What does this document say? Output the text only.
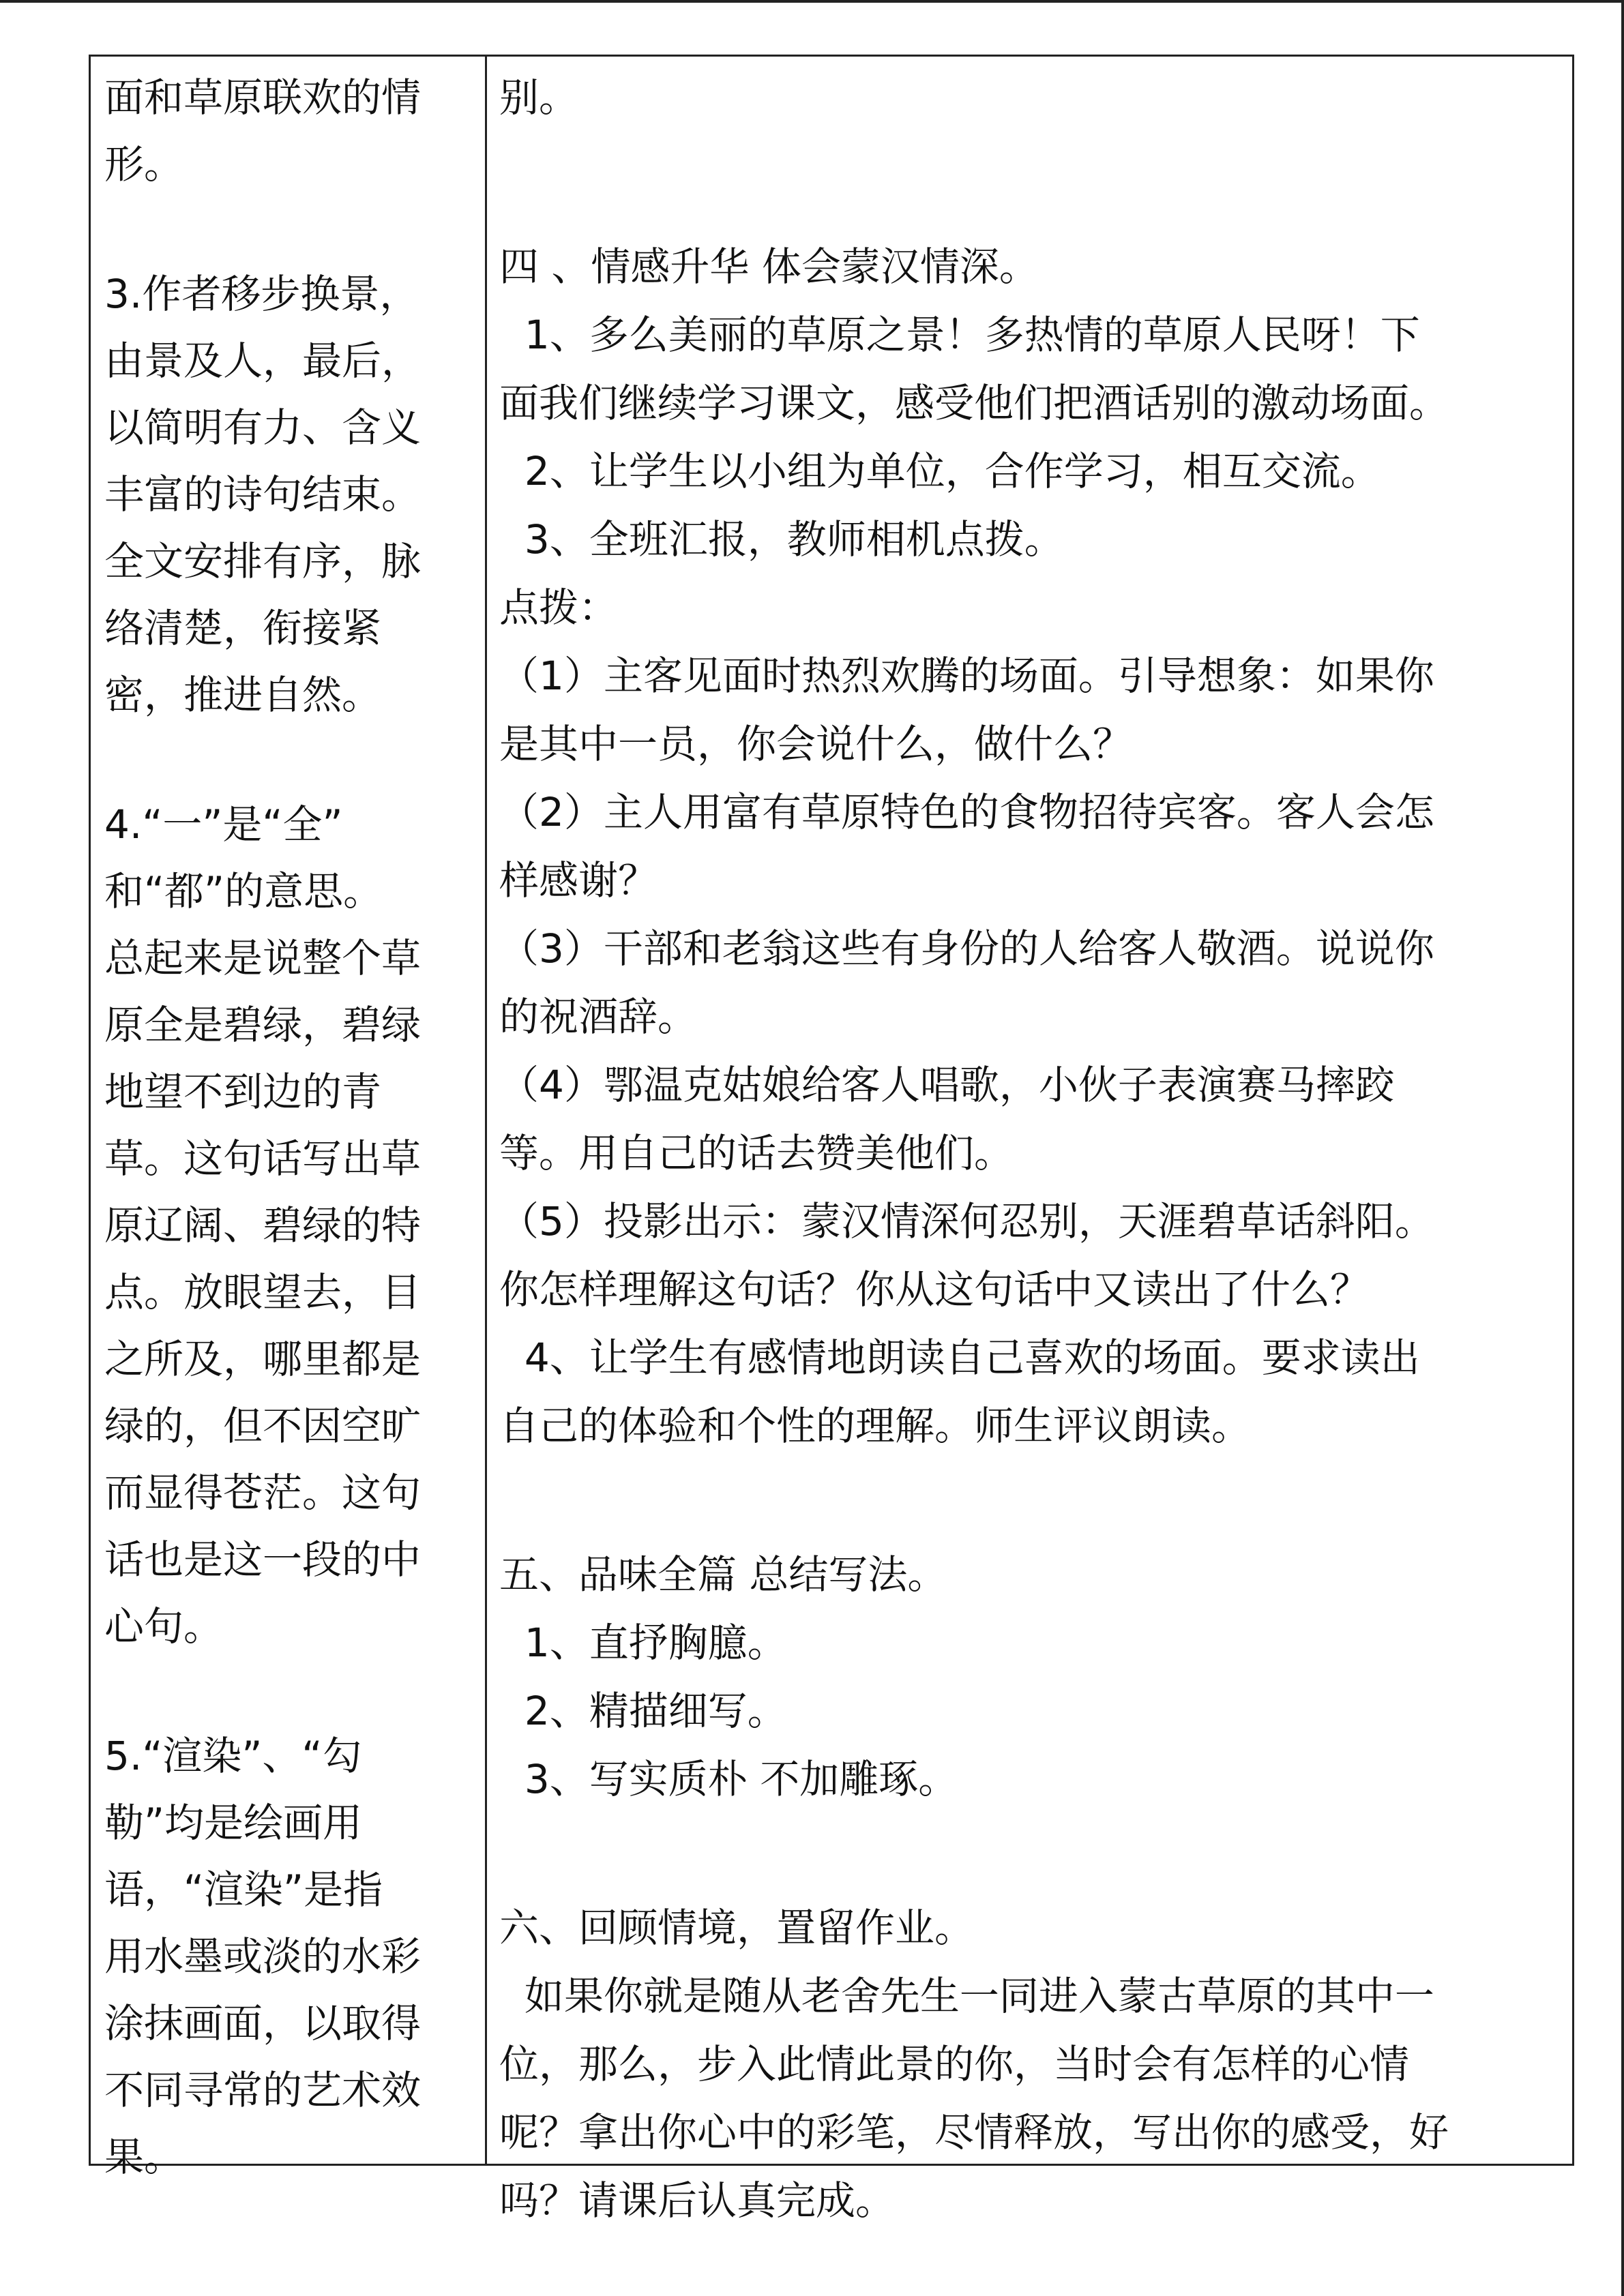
面和草原联欢的情
形。
3.作者移步换景，
由景及人，最后，
以简明有力、含义
丰富的诗句结束。
全文安排有序，脉
络清楚，衔接紧
密，推进自然。
4.“一”是“全”
和“都”的意思。
总起来是说整个草
原全是碧绿，碧绿
地望不到边的青
草。这句话写出草
原辽阔、碧绿的特
点。放眼望去，目
之所及，哪里都是
绿的，但不因空旷
而显得苍茫。这句
话也是这一段的中
心句。
5.“渲染”、“勾
勒”均是绘画用
语，“渲染”是指
用水墨或淡的水彩
涂抹画面，以取得
不同寻常的艺术效
果。
别。
四 、情感升华 体会蒙汉情深。
1、多么美丽的草原之景！多热情的草原人民呀！下
面我们继续学习课文，感受他们把酒话别的激动场面。
2、让学生以小组为单位，合作学习，相互交流。
3、全班汇报，教师相机点拨。
点拨：
（1）主客见面时热烈欢腾的场面。引导想象：如果你
是其中一员，你会说什么，做什么？
（2）主人用富有草原特色的食物招待宾客。客人会怎
样感谢？
（3）干部和老翁这些有身份的人给客人敬酒。说说你
的祝酒辞。
（4）鄂温克姑娘给客人唱歌，小伙子表演赛马摔跤
等。用自己的话去赞美他们。
（5）投影出示：蒙汉情深何忍别，天涯碧草话斜阳。
你怎样理解这句话？你从这句话中又读出了什么？
4、让学生有感情地朗读自己喜欢的场面。要求读出
自己的体验和个性的理解。师生评议朗读。
五、品味全篇 总结写法。
1、直抒胸臆。
2、精描细写。
3、写实质朴 不加雕琢。
六、回顾情境，置留作业。
如果你就是随从老舍先生一同进入蒙古草原的其中一
位，那么，步入此情此景的你，当时会有怎样的心情
呢？拿出你心中的彩笔，尽情释放，写出你的感受，好
吗？请课后认真完成。
